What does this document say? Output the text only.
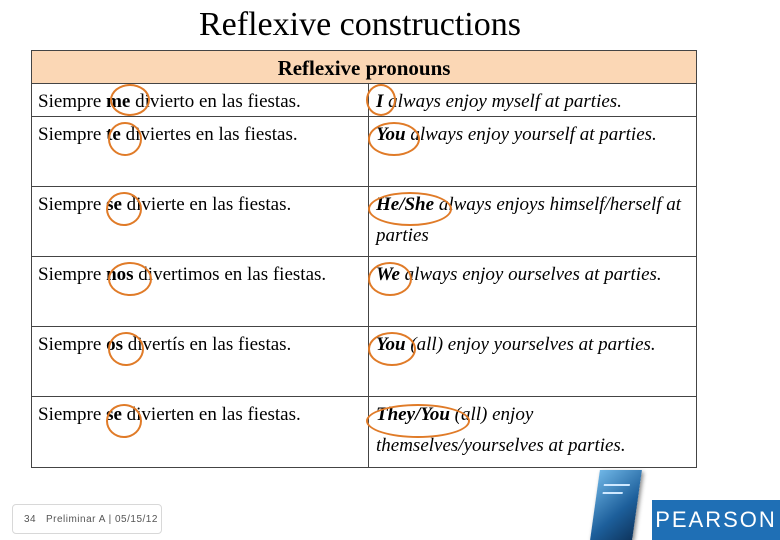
Reflexive constructions
Reflexive pronouns
Siempre me divierto en las fiestas.	I always enjoy myself at parties.
Siempre te diviertes en las fiestas.	You always enjoy yourself at parties.
Siempre se divierte en las fiestas.	He/She always enjoys himself/herself at parties
Siempre nos divertimos en las fiestas.	We always enjoy ourselves at parties.
Siempre os divertís en las fiestas.	You (all) enjoy yourselves at parties.
Siempre se divierten en las fiestas.	They/You (all) enjoy themselves/yourselves at parties.
34 Preliminar A | 05/15/12	PEARSON
